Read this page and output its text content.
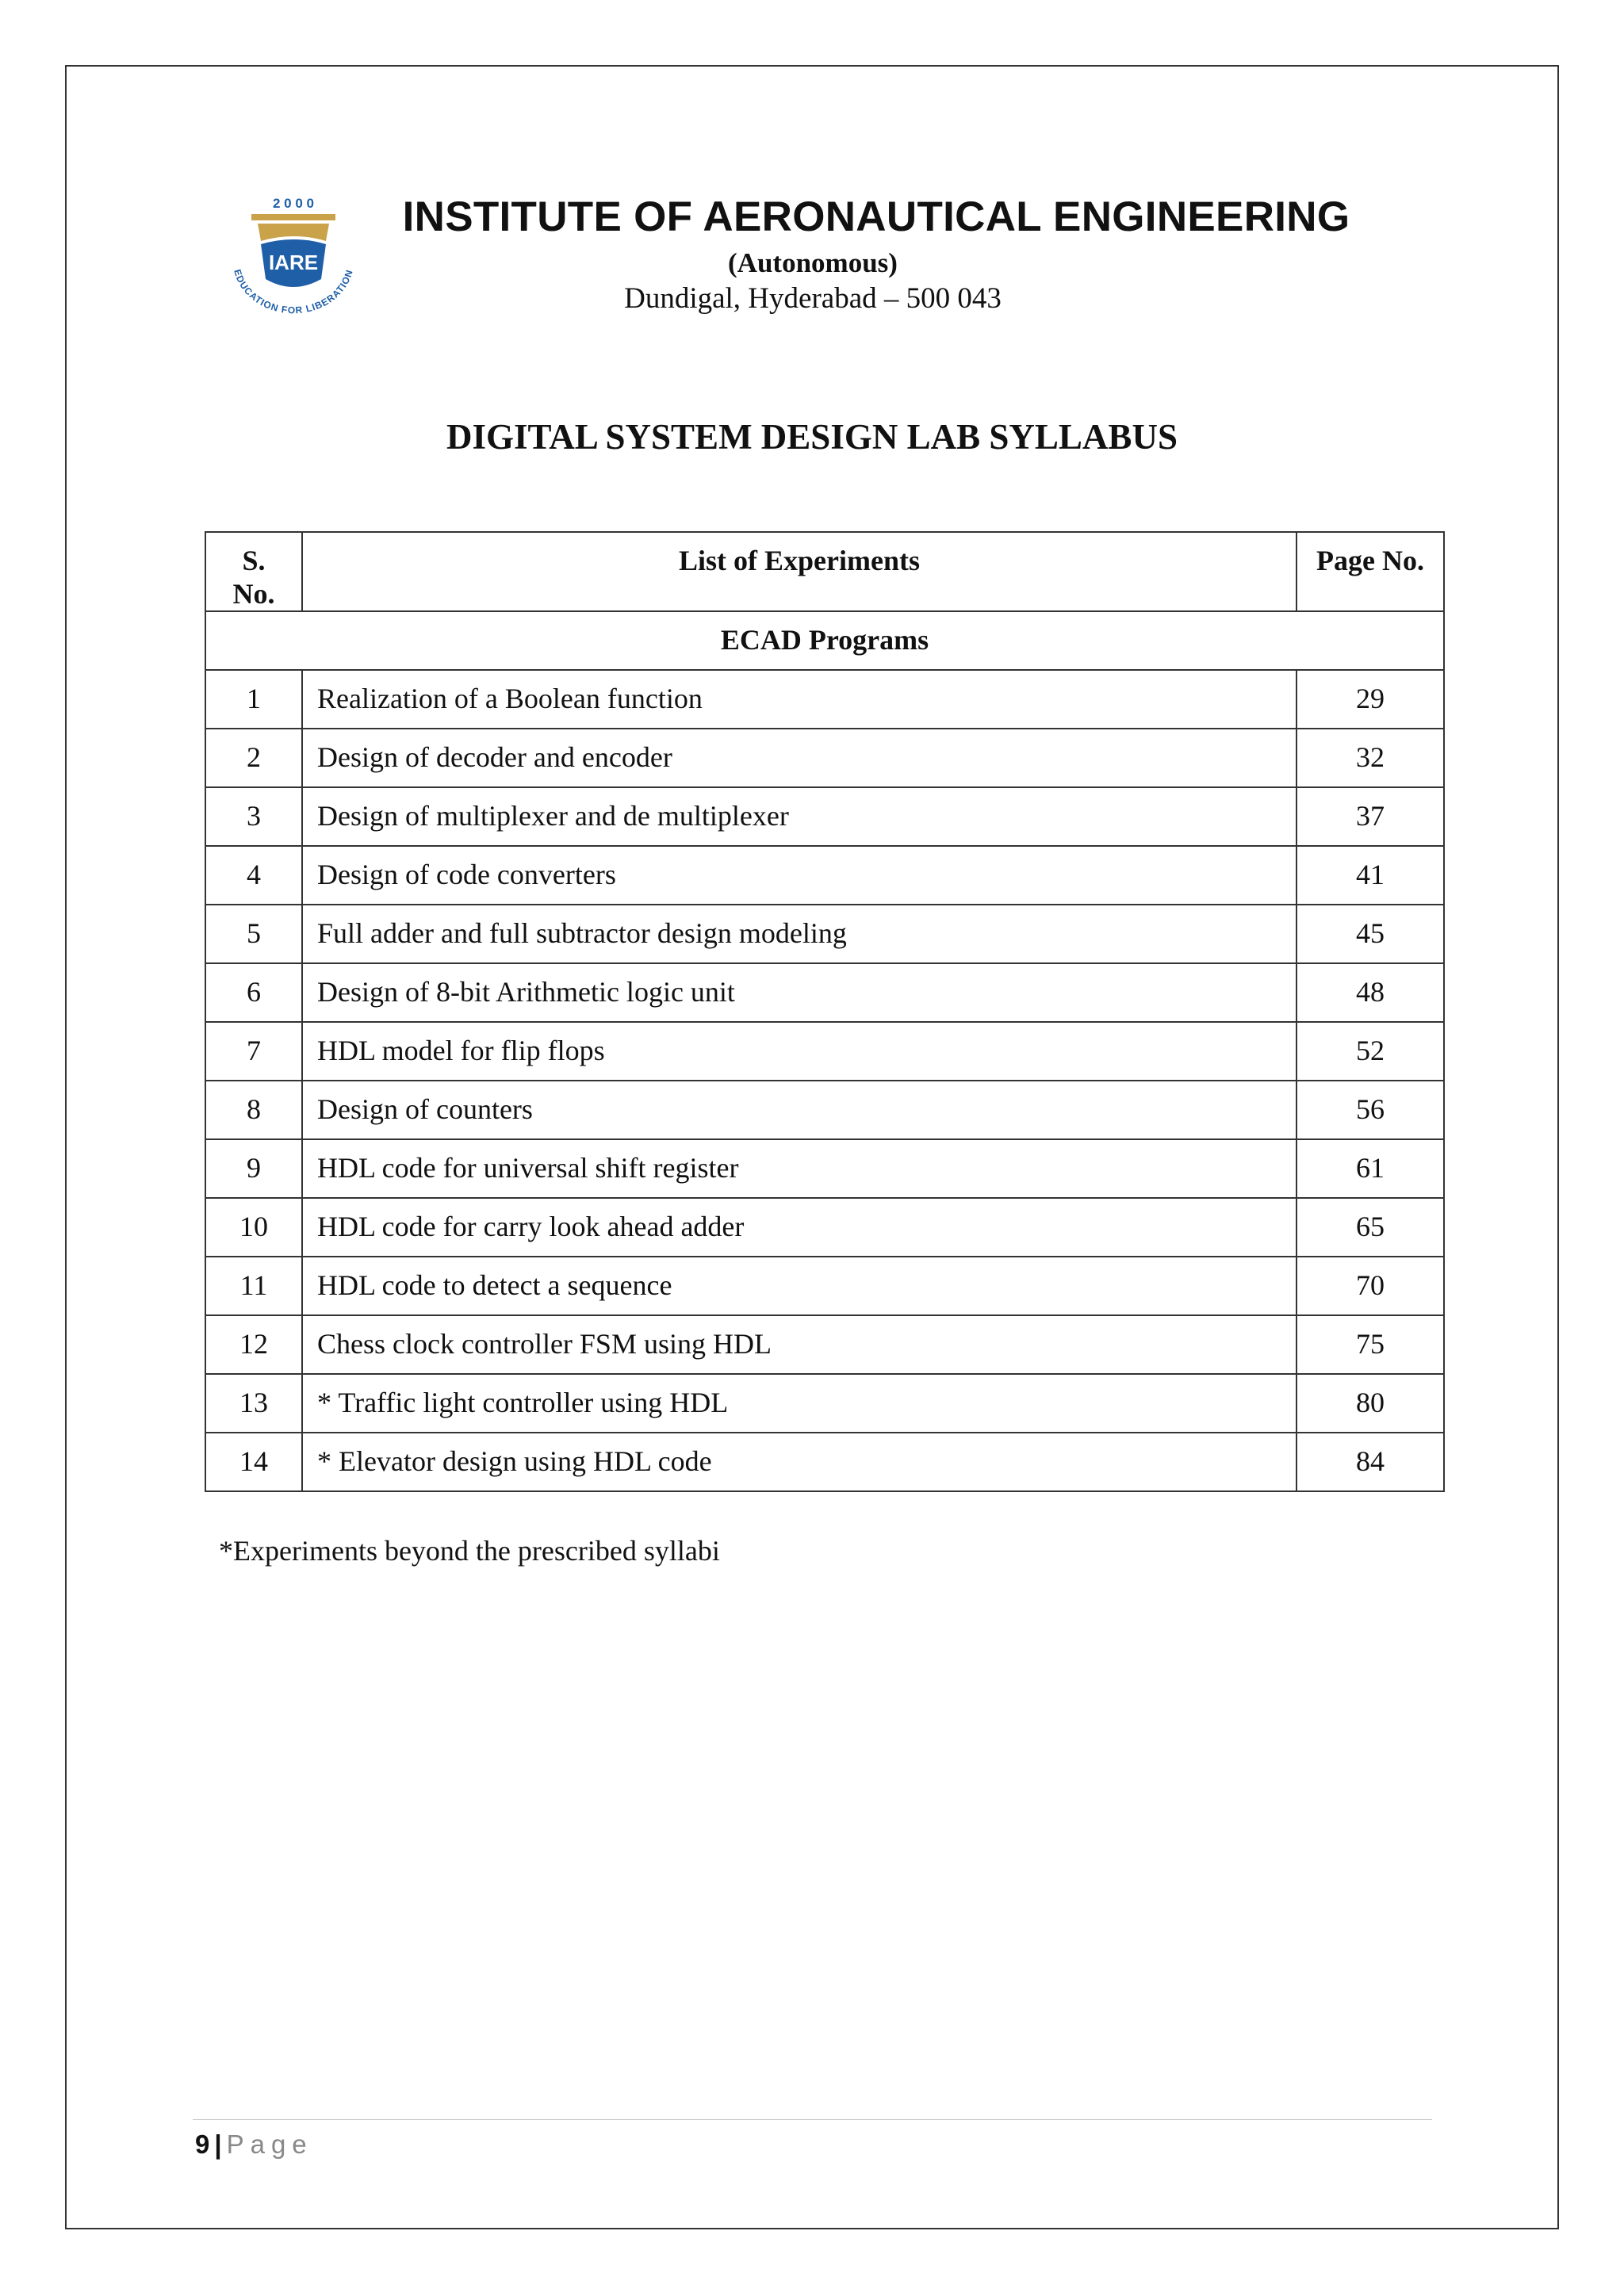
2 0 0 0
IARE
EDUCATION FOR LIBERATION
INSTITUTE OF AERONAUTICAL ENGINEERING
(Autonomous)
Dundigal, Hyderabad – 500 043
DIGITAL SYSTEM DESIGN LAB SYLLABUS
S. No.	List of Experiments	Page No.
ECAD Programs		
1	Realization of a Boolean function	29
2	Design of decoder and encoder	32
3	Design of multiplexer and de multiplexer	37
4	Design of code converters	41
5	Full adder and full subtractor design modeling	45
6	Design of 8-bit Arithmetic logic unit	48
7	HDL model for flip flops	52
8	Design of counters	56
9	HDL code for universal shift register	61
10	HDL code for carry look ahead adder	65
11	HDL code to detect a sequence	70
12	Chess clock controller FSM using HDL	75
13	* Traffic light controller using HDL	80
14	* Elevator design using HDL code	84
*Experiments beyond the prescribed syllabi
9 | Page
